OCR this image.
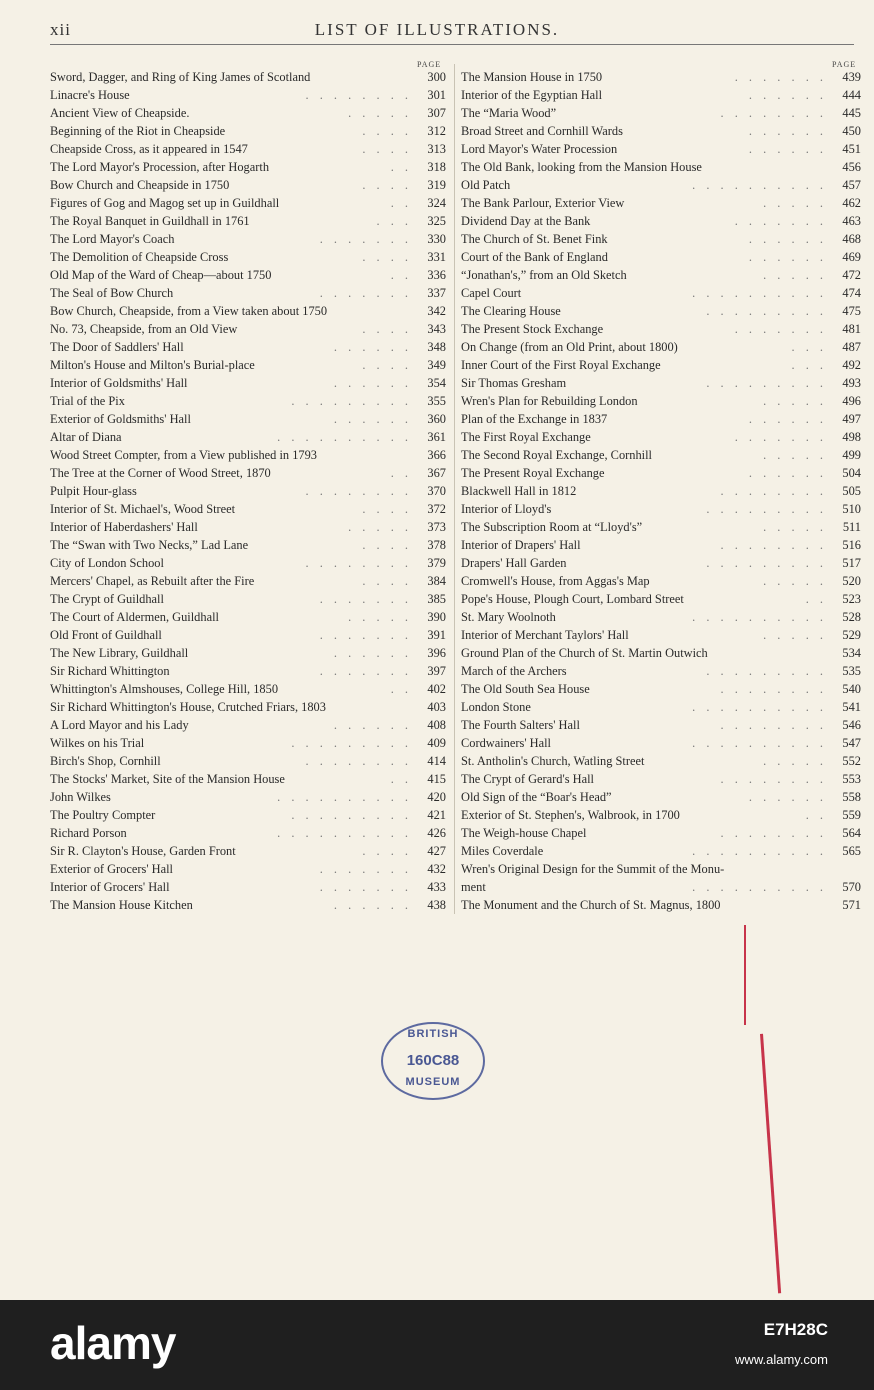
xii	LIST OF ILLUSTRATIONS.
PAGE	PAGE
Sword, Dagger, and Ring of King James of Scotland	300
Linacre's House	. . . . . . . .	301
Ancient View of Cheapside.	. . . . .	307
Beginning of the Riot in Cheapside	. . . .	312
Cheapside Cross, as it appeared in 1547	. . . .	313
The Lord Mayor's Procession, after Hogarth	. .	318
Bow Church and Cheapside in 1750	. . . .	319
Figures of Gog and Magog set up in Guildhall	. .	324
The Royal Banquet in Guildhall in 1761	. . .	325
The Lord Mayor's Coach	. . . . . . .	330
The Demolition of Cheapside Cross	. . . .	331
Old Map of the Ward of Cheap—about 1750	. .	336
The Seal of Bow Church	. . . . . . .	337
Bow Church, Cheapside, from a View taken about 1750	342
No. 73, Cheapside, from an Old View	. . . .	343
The Door of Saddlers' Hall	. . . . . .	348
Milton's House and Milton's Burial-place	. . . .	349
Interior of Goldsmiths' Hall	. . . . . .	354
Trial of the Pix	. . . . . . . . .	355
Exterior of Goldsmiths' Hall	. . . . . .	360
Altar of Diana	. . . . . . . . . .	361
Wood Street Compter, from a View published in 1793	366
The Tree at the Corner of Wood Street, 1870	. .	367
Pulpit Hour-glass	. . . . . . . .	370
Interior of St. Michael's, Wood Street	. . . .	372
Interior of Haberdashers' Hall	. . . . .	373
The “Swan with Two Necks,” Lad Lane	. . . .	378
City of London School	. . . . . . . .	379
Mercers' Chapel, as Rebuilt after the Fire	. . . .	384
The Crypt of Guildhall	. . . . . . .	385
The Court of Aldermen, Guildhall	. . . . .	390
Old Front of Guildhall	. . . . . . .	391
The New Library, Guildhall	. . . . . .	396
Sir Richard Whittington	. . . . . . .	397
Whittington's Almshouses, College Hill, 1850	. .	402
Sir Richard Whittington's House, Crutched Friars, 1803	403
A Lord Mayor and his Lady	. . . . . .	408
Wilkes on his Trial	. . . . . . . . .	409
Birch's Shop, Cornhill	. . . . . . . .	414
The Stocks' Market, Site of the Mansion House	. .	415
John Wilkes	. . . . . . . . . .	420
The Poultry Compter	. . . . . . . . .	421
Richard Porson	. . . . . . . . . .	426
Sir R. Clayton's House, Garden Front	. . . .	427
Exterior of Grocers' Hall	. . . . . . .	432
Interior of Grocers' Hall	. . . . . . .	433
The Mansion House Kitchen	. . . . . .	438
The Mansion House in 1750	. . . . . . .	439
Interior of the Egyptian Hall	. . . . . .	444
The “Maria Wood”	. . . . . . . .	445
Broad Street and Cornhill Wards	. . . . . .	450
Lord Mayor's Water Procession	. . . . . .	451
The Old Bank, looking from the Mansion House	456
Old Patch	. . . . . . . . . .	457
The Bank Parlour, Exterior View	. . . . .	462
Dividend Day at the Bank	. . . . . . .	463
The Church of St. Benet Fink	. . . . . .	468
Court of the Bank of England	. . . . . .	469
“Jonathan's,” from an Old Sketch	. . . . .	472
Capel Court	. . . . . . . . . .	474
The Clearing House	. . . . . . . . .	475
The Present Stock Exchange	. . . . . . .	481
On Change (from an Old Print, about 1800)	. . .	487
Inner Court of the First Royal Exchange	. . .	492
Sir Thomas Gresham	. . . . . . . . .	493
Wren's Plan for Rebuilding London	. . . . .	496
Plan of the Exchange in 1837	. . . . . .	497
The First Royal Exchange	. . . . . . .	498
The Second Royal Exchange, Cornhill	. . . . .	499
The Present Royal Exchange	. . . . . .	504
Blackwell Hall in 1812	. . . . . . . .	505
Interior of Lloyd's	. . . . . . . . .	510
The Subscription Room at “Lloyd's”	. . . . .	511
Interior of Drapers' Hall	. . . . . . . .	516
Drapers' Hall Garden	. . . . . . . . .	517
Cromwell's House, from Aggas's Map	. . . . .	520
Pope's House, Plough Court, Lombard Street	. .	523
St. Mary Woolnoth	. . . . . . . . . .	528
Interior of Merchant Taylors' Hall	. . . . .	529
Ground Plan of the Church of St. Martin Outwich	534
March of the Archers	. . . . . . . . .	535
The Old South Sea House	. . . . . . . .	540
London Stone	. . . . . . . . . .	541
The Fourth Salters' Hall	. . . . . . . .	546
Cordwainers' Hall	. . . . . . . . . .	547
St. Antholin's Church, Watling Street	. . . . .	552
The Crypt of Gerard's Hall	. . . . . . . .	553
Old Sign of the “Boar's Head”	. . . . . .	558
Exterior of St. Stephen's, Walbrook, in 1700	. .	559
The Weigh-house Chapel	. . . . . . . .	564
Miles Coverdale	. . . . . . . . . .	565
Wren's Original Design for the Summit of the Monu-
ment	. . . . . . . . . .	570
The Monument and the Church of St. Magnus, 1800	571
BRITISH
160C88
MUSEUM
alamy	E7H28C
www.alamy.com
